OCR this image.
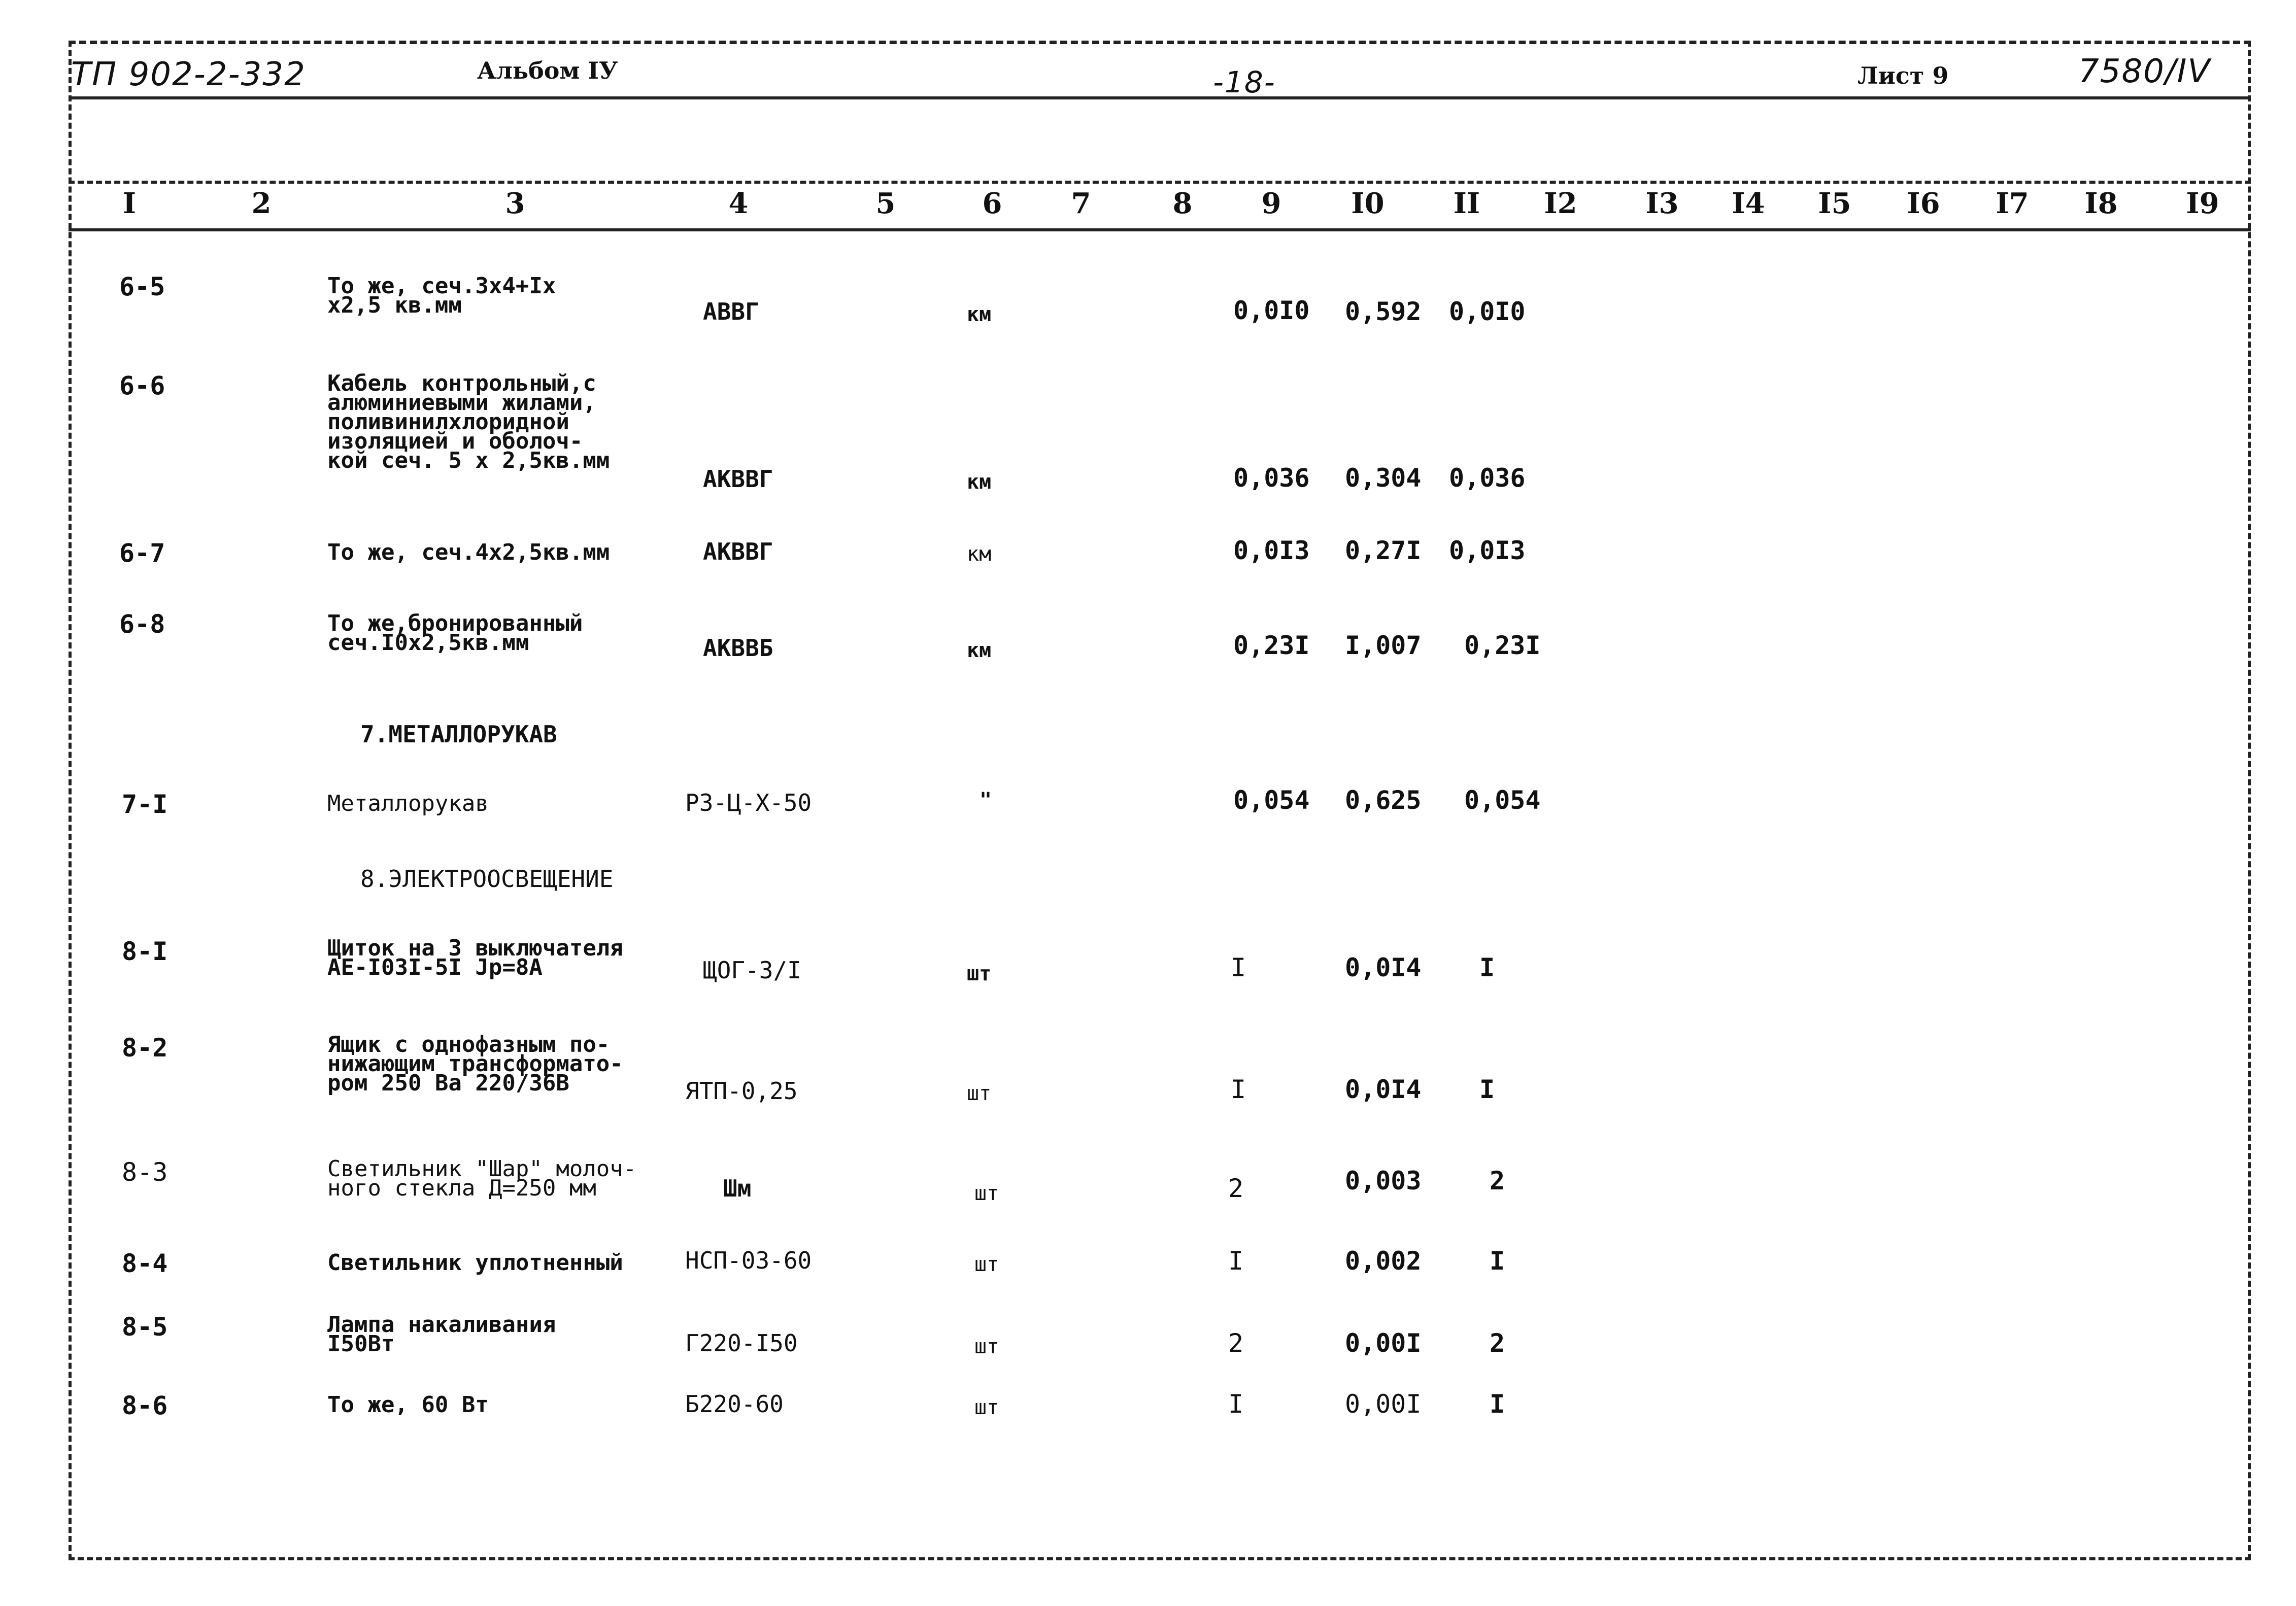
ТП 902-2-332	Альбом IУ	-18-	Лист 9	7580/IV
I	2	3	4	5	6 7	8 9 I0 II I2 I3 I4 I5 I6 I7 I8 I9
6-5	То же, сеч.3х4+Iх
х2,5 кв.мм	АВВГ	км	0,0I0 0,592 0,0I0
6-6	Кабель контрольный,с
алюминиевыми жилами,
поливинилхлоридной
изоляцией и оболоч-
кой сеч. 5 х 2,5кв.мм
АКВВГ	км	0,036 0,304 0,036
6-7	То же, сеч.4х2,5кв.мм	АКВВГ	км	0,0I3 0,27I 0,0I3
6-8	То же,бронированный
сеч.I0х2,5кв.мм	АКВВБ	км	0,23I I,007 0,23I
7.МЕТАЛЛОРУКАВ
7-I	Металлорукав	РЗ-Ц-Х-50	"	0,054 0,625 0,054
8.ЭЛЕКТРООСВЕЩЕНИЕ
8-I	Щиток на 3 выключателя
АЕ-I03I-5I Jр=8А	ЩОГ-3/I	шт	I	0,0I4 I
8-2	Ящик с однофазным по-
нижающим трансформато-
ром 250 Ва 220/36В	ЯТП-0,25	шт	I	0,0I4 I
8-3	Светильник "Шар" молоч-
ного стекла Д=250 мм	Шм	шт	2	0,003	2
8-4	Светильник уплотненный	НСП-03-60	шт	I	0,002	I
8-5	Лампа накаливания
I50Вт	Г220-I50	шт	2	0,00I	2
8-6	То же, 60 Вт	Б220-60	шт	I	0,00I	I
